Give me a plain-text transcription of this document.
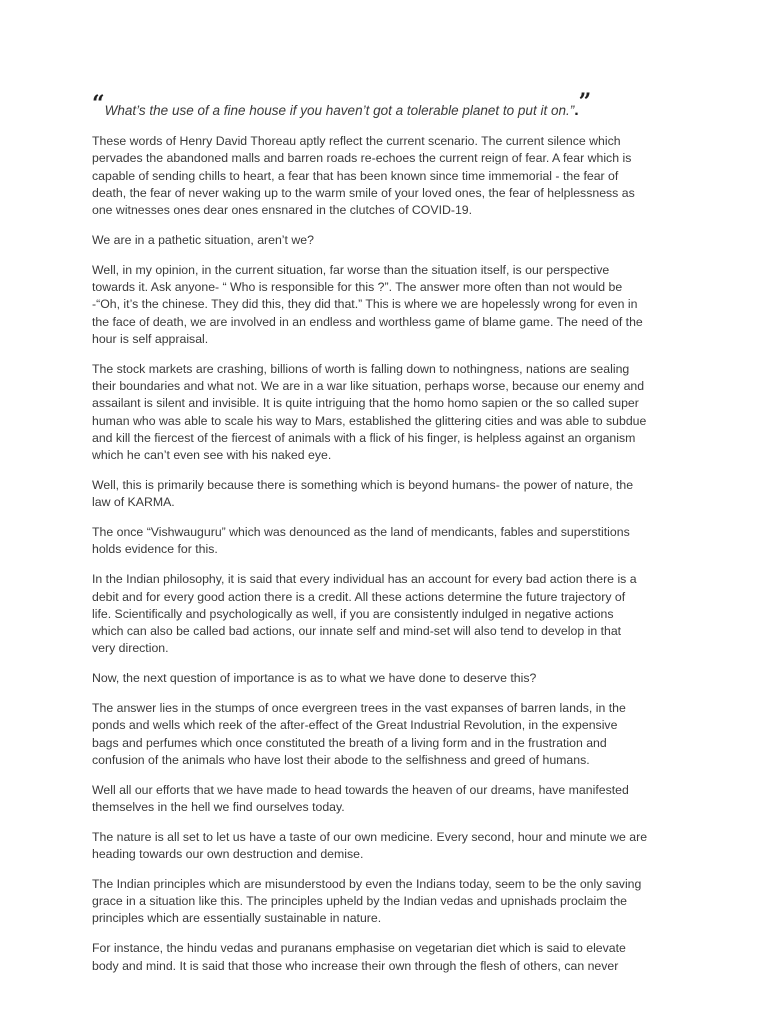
“What’s the use of a fine house if you haven’t got a tolerable planet to put it on.”.”

These words of Henry David Thoreau aptly reflect the current scenario. The current silence which
pervades the abandoned malls and barren roads re-echoes the current reign of fear. A fear which is
capable of sending chills to heart, a fear that has been known since time immemorial - the fear of
death, the fear of never waking up to the warm smile of your loved ones, the fear of helplessness as
one witnesses ones dear ones ensnared in the clutches of COVID-19.

We are in a pathetic situation, aren’t we?

Well, in my opinion, in the current situation, far worse than the situation itself, is our perspective
towards it. Ask anyone- “ Who is responsible for this ?”. The answer more often than not would be
-“Oh, it’s the chinese. They did this, they did that.” This is where we are hopelessly wrong for even in
the face of death, we are involved in an endless and worthless game of blame game. The need of the
hour is self appraisal.

The stock markets are crashing, billions of worth is falling down to nothingness, nations are sealing
their boundaries and what not. We are in a war like situation, perhaps worse, because our enemy and
assailant is silent and invisible. It is quite intriguing that the homo homo sapien or the so called super
human who was able to scale his way to Mars, established the glittering cities and was able to subdue
and kill the fiercest of the fiercest of animals with a flick of his finger, is helpless against an organism
which he can’t even see with his naked eye.

Well, this is primarily because there is something which is beyond humans- the power of nature, the
law of KARMA.

The once “Vishwauguru” which was denounced as the land of mendicants, fables and superstitions
holds evidence for this.

In the Indian philosophy, it is said that every individual has an account for every bad action there is a
debit and for every good action there is a credit. All these actions determine the future trajectory of
life. Scientifically and psychologically as well, if you are consistently indulged in negative actions
which can also be called bad actions, our innate self and mind-set will also tend to develop in that
very direction.

Now, the next question of importance is as to what we have done to deserve this?

The answer lies in the stumps of once evergreen trees in the vast expanses of barren lands, in the
ponds and wells which reek of the after-effect of the Great Industrial Revolution, in the expensive
bags and perfumes which once constituted the breath of a living form and in the frustration and
confusion of the animals who have lost their abode to the selfishness and greed of humans.

Well all our efforts that we have made to head towards the heaven of our dreams, have manifested
themselves in the hell we find ourselves today.

The nature is all set to let us have a taste of our own medicine. Every second, hour and minute we are
heading towards our own destruction and demise.

The Indian principles which are misunderstood by even the Indians today, seem to be the only saving
grace in a situation like this. The principles upheld by the Indian vedas and upnishads proclaim the
principles which are essentially sustainable in nature.

For instance, the hindu vedas and puranans emphasise on vegetarian diet which is said to elevate
body and mind. It is said that those who increase their own through the flesh of others, can never
